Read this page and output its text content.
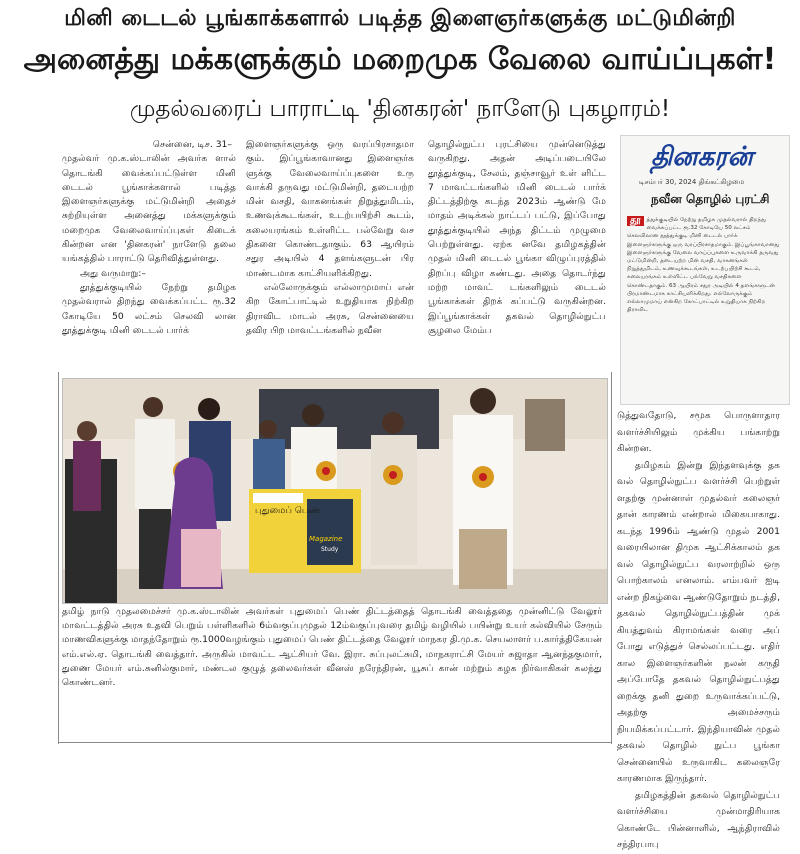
மினி டைடல் பூங்காக்களால் படித்த இளைஞர்களுக்கு மட்டுமின்றி
அனைத்து மக்களுக்கும் மறைமுக வேலை வாய்ப்புகள்!
முதல்வரைப் பாராட்டி 'தினகரன்' நாளேடு புகழாரம்!

சென்னை, டிச. 31–

முதல்வர் மு.க.ஸ்டாலின் அவர்க ளால் தொடங்கி வைக்கப்பட்டுள்ள மினி டைடல் பூங்காக்களால் படித்த இளைஞர்களுக்கு மட்டுமின்றி அதைச் சுற்றியுள்ள அனைத்து மக்களுக்கும் மறைமுக வேலைவாய்ப்புகள் கிடைக் கின்றன என 'தினகரன்' நாளேடு தலை யங்கத்தில் பாராட்டு தெரிவித்துள்ளது.

அது வருமாறு:–

தூத்துக்குடியில் நேற்று தமிழக முதல்வரால் திறந்து வைக்கப்பட்ட ரூ.32 கோடியே 50 லட்சம் செலவி லான தூத்துக்குடி மினி டைடல் பார்க்

இளைஞர்களுக்கு ஒரு வரப்பிரசாதமா கும். இப்பூங்காவானது இளைஞர்க ளுக்கு வேலைவாய்ப்புகளை உரு வாக்கி தருவது மட்டுமின்றி, தடையற்ற மின் வசதி, வாகனங்கள் நிறுத்துமிடம், உணவுக்கூடங்கள், உடற்பயிற்சி கூடம், கலையரங்கம் உள்ளிட்ட பல்வேறு வச திகளை கொண்டதாகும். 63 ஆயிரம் சதுர அடியில் 4 தளங்களுடன் பிர மாண்டமாக காட்சியளிக்கிறது.

எல்லோருக்கும் எல்லாமுமாய் என் கிற கோட்பாட்டில் உறுதியாக நிற்கிற திராவிட மாடல் அரசு, சென்னையை தவிர பிற மாவட்டங்களில் நவீன

தொழில்நுட்ப புரட்சியை முன்னெடுத்து வருகிறது. அதன் அடிப்படையிலே தூத்துக்குடி, சேலம், தஞ்சாவூர் உள் ளிட்ட 7 மாவட்டங்களில் மினி டைடல் பார்க் திட்டத்திற்கு கடந்த 2023ம் ஆண்டு மே மாதம் அடிக்கல் நாட்டப் பட்டு, இப்போது தூத்துக்குடியில் அந்த திட்டம் முழுமை பெற்றுள்ளது. ஏற்க னவே தமிழகத்தின் முதல் மினி டைடல் பூங்கா விழுப்புரத்தில் திறப்பு விழா கண்டது. அதை தொடர்ந்து மற்ற மாவட் டங்களிலும் டைடல் பூங்காக்கள் திறக் கப்பட்டு வருகின்றன. இப்பூங்காக்கள் தகவல் தொழில்நுட்ப சூழலை மேம்ப

தினகரன்
டிசம்பர் 30, 2024 திங்கட்கிழமை
நவீன தொழில் புரட்சி
தூ	த்துக்குடியில் நேற்று தமிழக முதல்வரால் திறந்து வைக்கப்பட்ட ரூ.32 கோடியே 50 லட்சம் செலவிலான தூத்துக்குடி மினி டைடல் பார்க் இளைஞர்களுக்கு ஒரு வரப்பிரசாதமாகும். இப்பூங்காவானது இளைஞர்களுக்கு வேலை வாய்ப்புகளை உருவாக்கி தருவது மட்டுமின்றி, தடையற்ற மின் வசதி, வாகனங்கள் நிறுத்துமிடம், உணவுக்கூடங்கள், உடற்பயிற்சி கூடம், கலையரங்கம் உள்ளிட்ட பல்வேறு வசதிகளை கொண்டதாகும். 63 ஆயிரம் சதுர அடியில் 4 தளங்களுடன் பிரமாண்டமாக காட்சியளிக்கிறது. எல்லோருக்கும் எல்லாமுமாய் என்கிற கோட்பாட்டில் உறுதியாக நிற்கிற திராவிட

டுத்துவதோடு, சமூக பொருளாதார வளர்ச்சியிலும் முக்கிய பங்காற்று கின்றன.

தமிழகம் இன்று இந்தளவுக்கு தக வல் தொழில்நுட்ப வளர்ச்சி பெற்றுள் ளதற்கு முன்னாள் முதல்வர் கலைஞர் தான் காரணம் என்றால் மிகையாகாது. கடந்த 1996ம் ஆண்டு முதல் 2001 வரையிலான திமுக ஆட்சிக்காலம் தக வல் தொழில்நுட்ப வரலாற்றில் ஒரு பொற்காலம் எனலாம். எம்பவர் ஐடி என்ற நிகழ்வை ஆண்டுதோறும் நடத்தி, தகவல் தொழில்நுட்பத்தின் முக் கியத்துவம் கிராமங்கள் வரை அப் போது எடுத்துச் செல்லப்பட்டது. எதிர் கால இளைஞர்களின் நலன் கருதி அப்போதே தகவல் தொழில்நுட்பத்து றைக்கு தனி துறை உருவாக்கப்பட்டு, அதற்கு அமைச்சரும் நியமிக்கப்பட்டார். இந்தியாவின் முதல் தகவல் தொழில் நுட்ப பூங்கா சென்னையில் உருவாகிட கலைஞரே காரணமாக இருந்தார்.

தமிழகத்தின் தகவல் தொழில்நுட்ப வளர்ச்சியை முன்மாதிரியாக கொண்டே பின்னாளில், ஆந்திராவில் சந்திரபாபு

புதுமைப் பெண்
Magazine
Study

தமிழ் நாடு முதலமைச்சர் மு.க.ஸ்டாலின் அவர்கள் புதுமைப் பெண் திட்டத்தைத் தொடங்கி வைத்ததை முன்னிட்டு வேலூர் மாவட்டத்தில் அரசு உதவி பெறும் பள்ளிகளில் 6ம்வகுப்புமுதல் 12ம்வகுப்புவரை தமிழ் வழியில் பயின்று உயர் கல்வியில் சேரும் மாணவிகளுக்கு மாதந்தோறும் ரூ.1000வழங்கும் புதுமைப் பெண் திட்டத்தை வேலூர் மாநகர தி.மு.க. செயலாளர் ப.கார்த்திகேயன் எம்.எல்.ஏ. தொடங்கி வைத்தார். அருகில் மாவட்ட ஆட்சியர் வே. இரா. சுப்புலட்சுமி, மாநகராட்சி மேயர் சுஜாதா ஆனந்தகுமார், துணை மேயர் எம்.சுனில்குமார், மண்டல குழுத் தலைவர்கள் வீனஸ் நரேந்திரன், யூசுப் கான் மற்றும் கழக நிர்வாகிகள் கலந்து கொண்டனர்.
